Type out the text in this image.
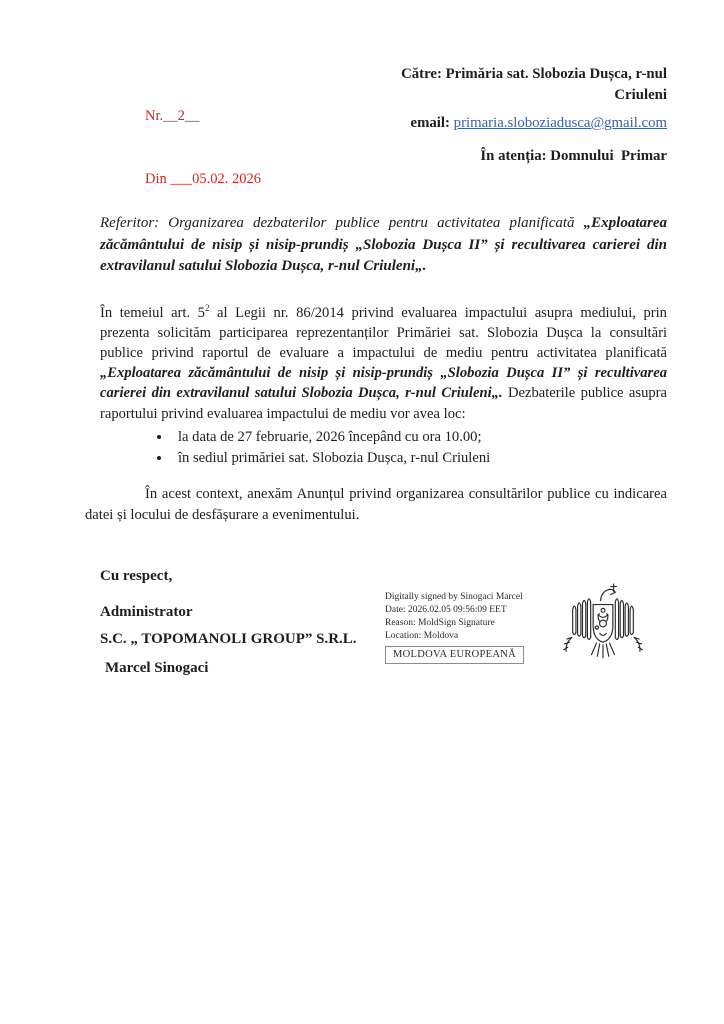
Nr.__2__

Din ___05.02. 2026

Către: Primăria sat. Slobozia Dușca, r-nul
Criuleni
email: primaria.sloboziadusca@gmail.com
În atenția: Domnului  Primar

Referitor: Organizarea dezbaterilor publice pentru activitatea planificată „Exploatarea zăcământului de nisip și nisip-prundiș „Slobozia Dușca II” și recultivarea carierei din extravilanul satului Slobozia Dușca, r-nul Criuleni„.

În temeiul art. $5^2$ al Legii nr. 86/2014 privind evaluarea impactului asupra mediului, prin prezenta solicităm participarea reprezentanților Primăriei sat. Slobozia Dușca la consultări publice privind raportul de evaluare a impactului de mediu pentru activitatea planificată „Exploatarea zăcământului de nisip și nisip-prundiș „Slobozia Dușca II” și recultivarea carierei din extravilanul satului Slobozia Dușca, r-nul Criuleni„. Dezbaterile publice asupra raportului privind evaluarea impactului de mediu vor avea loc:

• la data de 27 februarie, 2026 începând cu ora 10.00;
• în sediul primăriei sat. Slobozia Dușca, r-nul Criuleni

În acest context, anexăm Anunțul privind organizarea consultărilor publice cu indicarea datei și locului de desfășurare a evenimentului.

Cu respect,
Administrator
S.C. „ TOPOMANOLI GROUP” S.R.L.
Marcel Sinogaci
Digitally signed by Sinogaci Marcel
Date: 2026.02.05 09:56:09 EET
Reason: MoldSign Signature
Location: Moldova
MOLDOVA EUROPEANĂ
